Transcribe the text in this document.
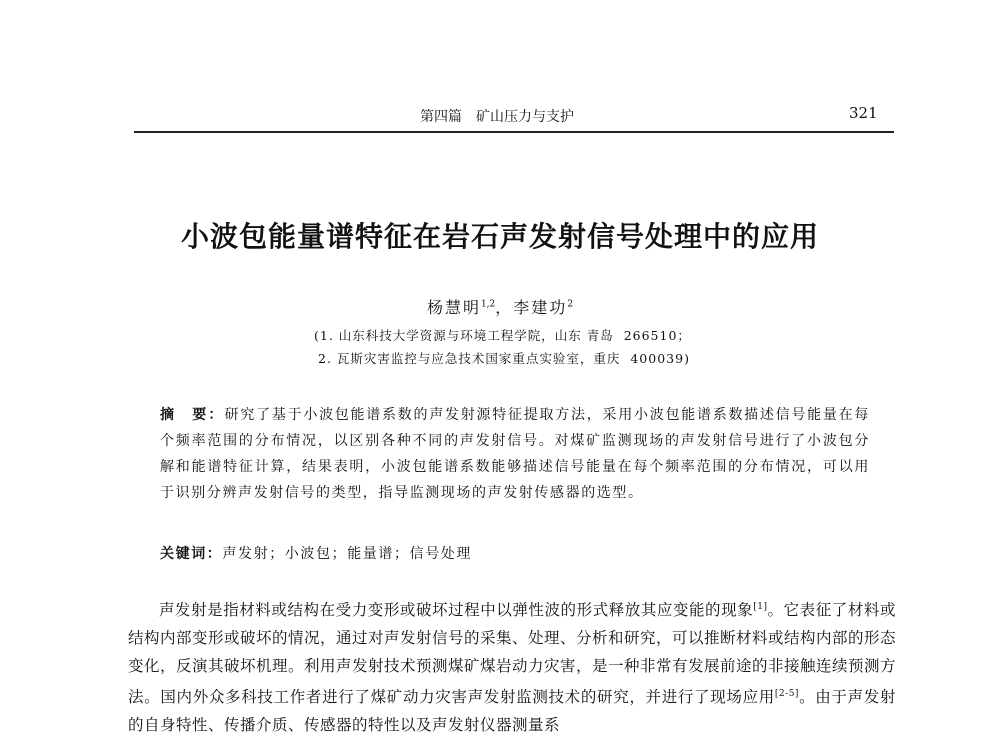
第四篇　矿山压力与支护	321
小波包能量谱特征在岩石声发射信号处理中的应用
杨慧明$^{1,2}$，李建功$^2$
(1. 山东科技大学资源与环境工程学院，山东 青岛  266510；
2. 瓦斯灾害监控与应急技术国家重点实验室，重庆  400039)
摘　要：研究了基于小波包能谱系数的声发射源特征提取方法，采用小波包能谱系数描述信号能量在每个频率范围的分布情况，以区别各种不同的声发射信号。对煤矿监测现场的声发射信号进行了小波包分解和能谱特征计算，结果表明，小波包能谱系数能够描述信号能量在每个频率范围的分布情况，可以用于识别分辨声发射信号的类型，指导监测现场的声发射传感器的选型。
关键词：声发射；小波包；能量谱；信号处理
声发射是指材料或结构在受力变形或破坏过程中以弹性波的形式释放其应变能的现象[1]。它表征了材料或结构内部变形或破坏的情况，通过对声发射信号的采集、处理、分析和研究，可以推断材料或结构内部的形态变化，反演其破坏机理。利用声发射技术预测煤矿煤岩动力灾害，是一种非常有发展前途的非接触连续预测方法。国内外众多科技工作者进行了煤矿动力灾害声发射监测技术的研究，并进行了现场应用[2-5]。由于声发射的自身特性、传播介质、传感器的特性以及声发射仪器测量系
